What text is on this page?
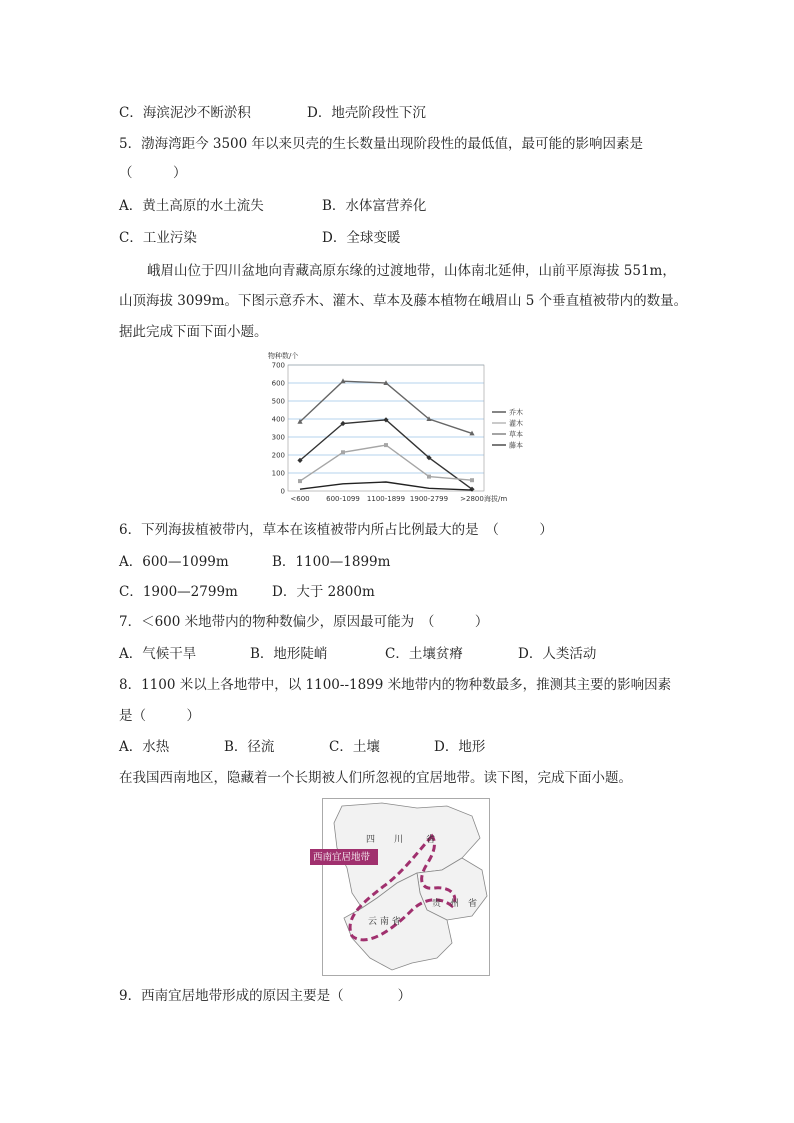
C．海滨泥沙不断淤积	D．地壳阶段性下沉
5．渤海湾距今 3500 年以来贝壳的生长数量出现阶段性的最低值，最可能的影响因素是
（　　　）
A．黄土高原的水土流失	B．水体富营养化
C．工业污染	D．全球变暖
峨眉山位于四川盆地向青藏高原东缘的过渡地带，山体南北延伸，山前平原海拔 551m，
山顶海拔 3099m。下图示意乔木、灌木、草本及藤本植物在峨眉山 5 个垂直植被带内的数量。
据此完成下面下面小题。
物种数/个
0
100
200
300
400
500
600
700
<600 600-1099 1100-1899 1900-2799 >2800
乔木
灌木
草本
藤本
海拔/m
6．下列海拔植被带内，草本在该植被带内所占比例最大的是　（　　　）
A．600—1099m	B．1100—1899m
C．1900—2799m	D．大于 2800m
7．＜600 米地带内的物种数偏少，原因最可能为　（　　　）
A．气候干旱	B．地形陡峭	C．土壤贫瘠	D．人类活动
8．1100 米以上各地带中，以 1100--1899 米地带内的物种数最多，推测其主要的影响因素
是（　　　）
A．水热	B．径流	C．土壤	D．地形
在我国西南地区，隐藏着一个长期被人们所忽视的宜居地带。读下图，完成下面小题。
西南宜居地带
四 川	省
贵　州　省
云 南 省
9．西南宜居地带形成的原因主要是（　　　　）
